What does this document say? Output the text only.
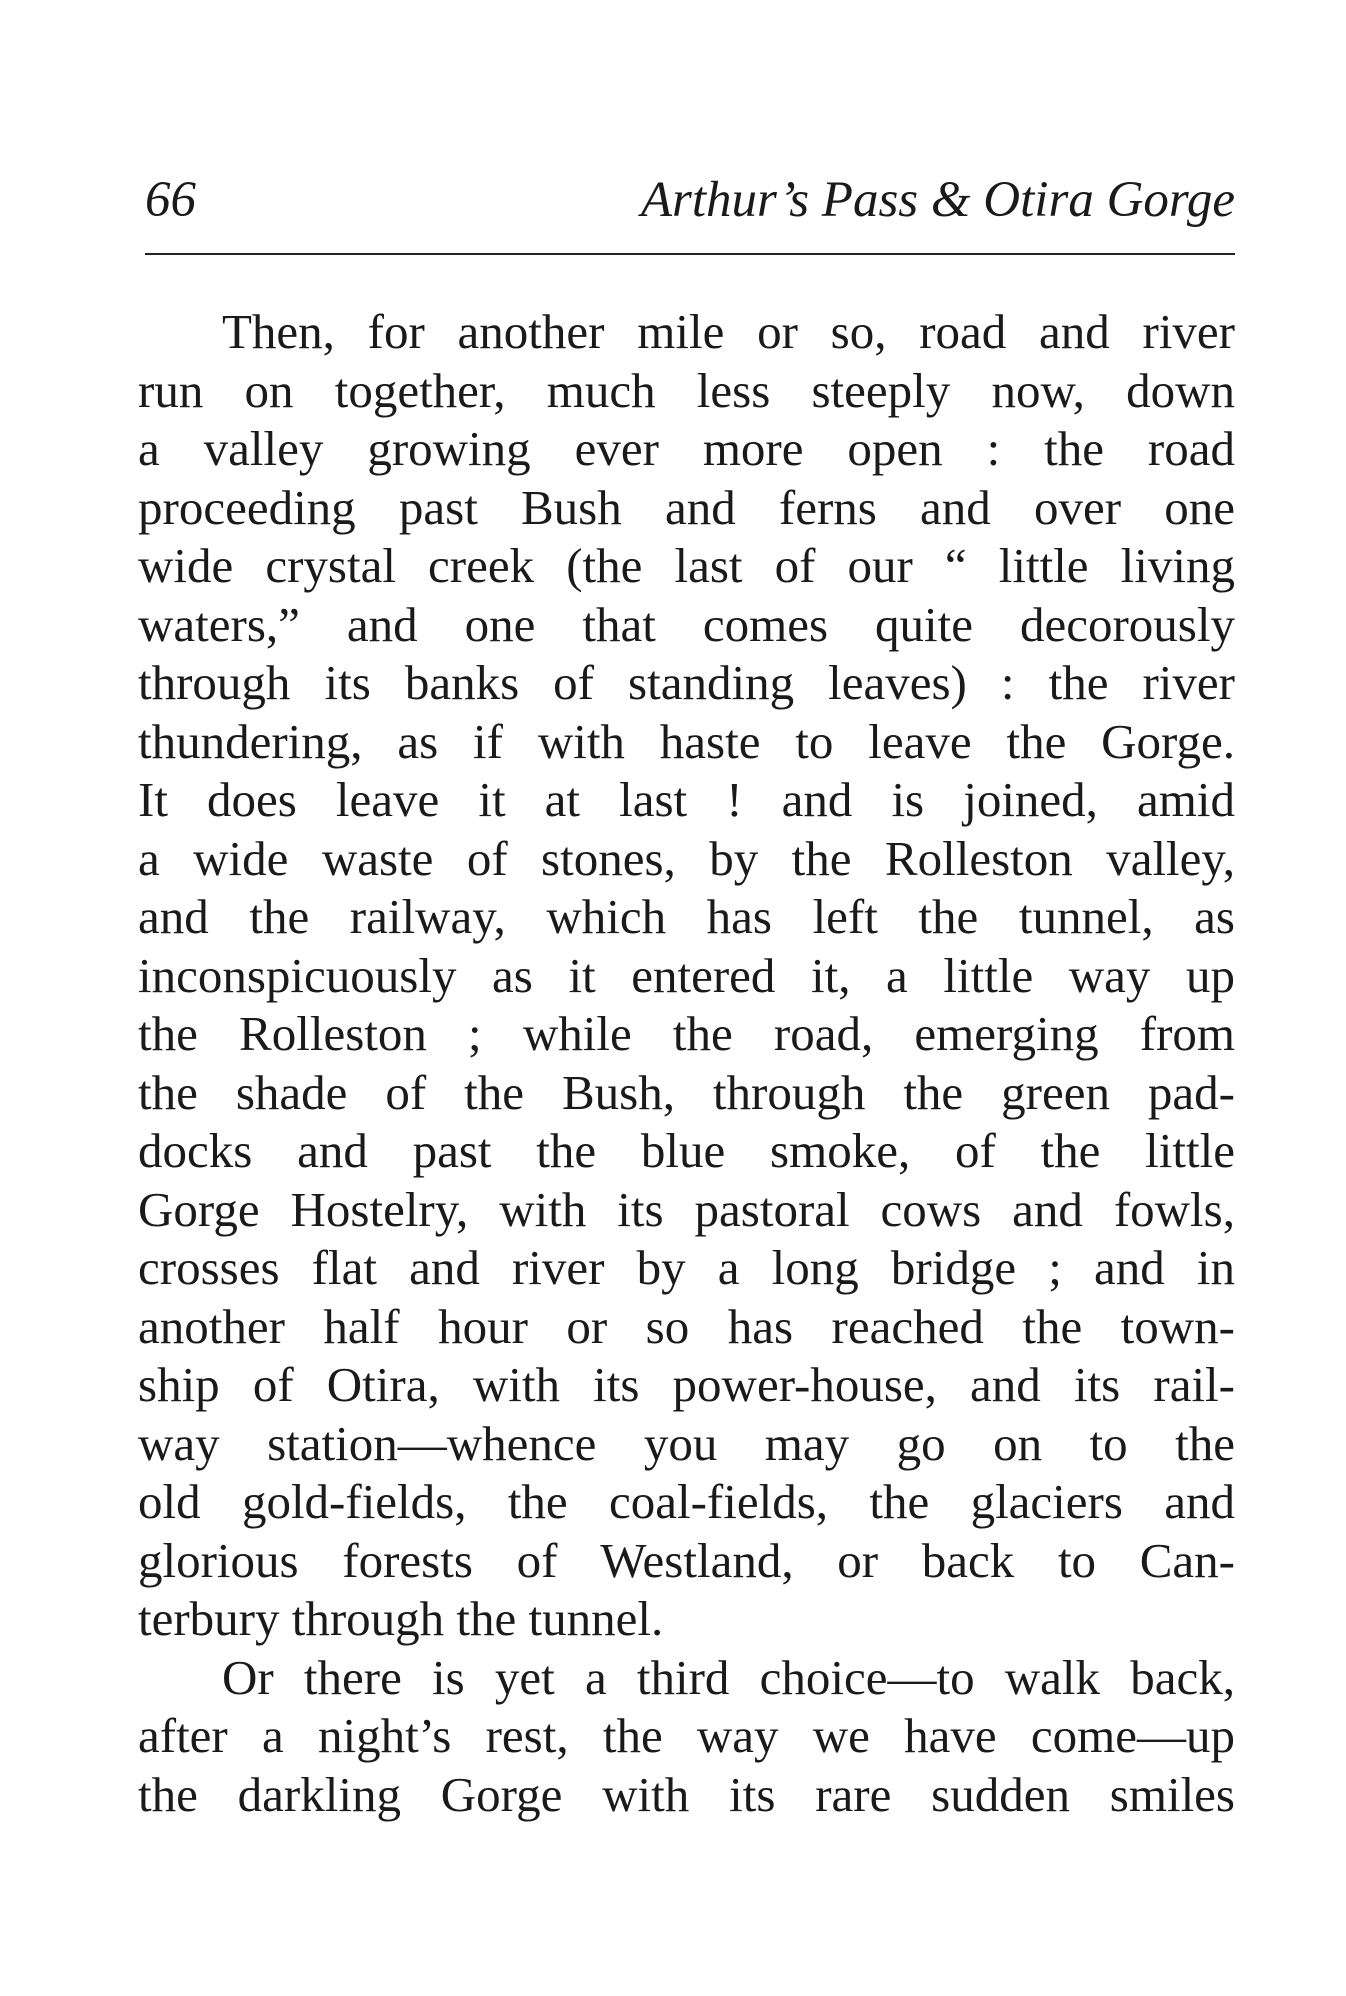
66	Arthur’s Pass & Otira Gorge
Then, for another mile or so, road and river
run on together, much less steeply now, down
a valley growing ever more open : the road
proceeding past Bush and ferns and over one
wide crystal creek (the last of our “ little living
waters,” and one that comes quite decorously
through its banks of standing leaves) : the river
thundering, as if with haste to leave the Gorge.
It does leave it at last ! and is joined, amid
a wide waste of stones, by the Rolleston valley,
and the railway, which has left the tunnel, as
inconspicuously as it entered it, a little way up
the Rolleston ; while the road, emerging from
the shade of the Bush, through the green pad-
docks and past the blue smoke, of the little
Gorge Hostelry, with its pastoral cows and fowls,
crosses flat and river by a long bridge ; and in
another half hour or so has reached the town-
ship of Otira, with its power-house, and its rail-
way station—whence you may go on to the
old gold-fields, the coal-fields, the glaciers and
glorious forests of Westland, or back to Can-
terbury through the tunnel.
Or there is yet a third choice—to walk back,
after a night’s rest, the way we have come—up
the darkling Gorge with its rare sudden smiles
